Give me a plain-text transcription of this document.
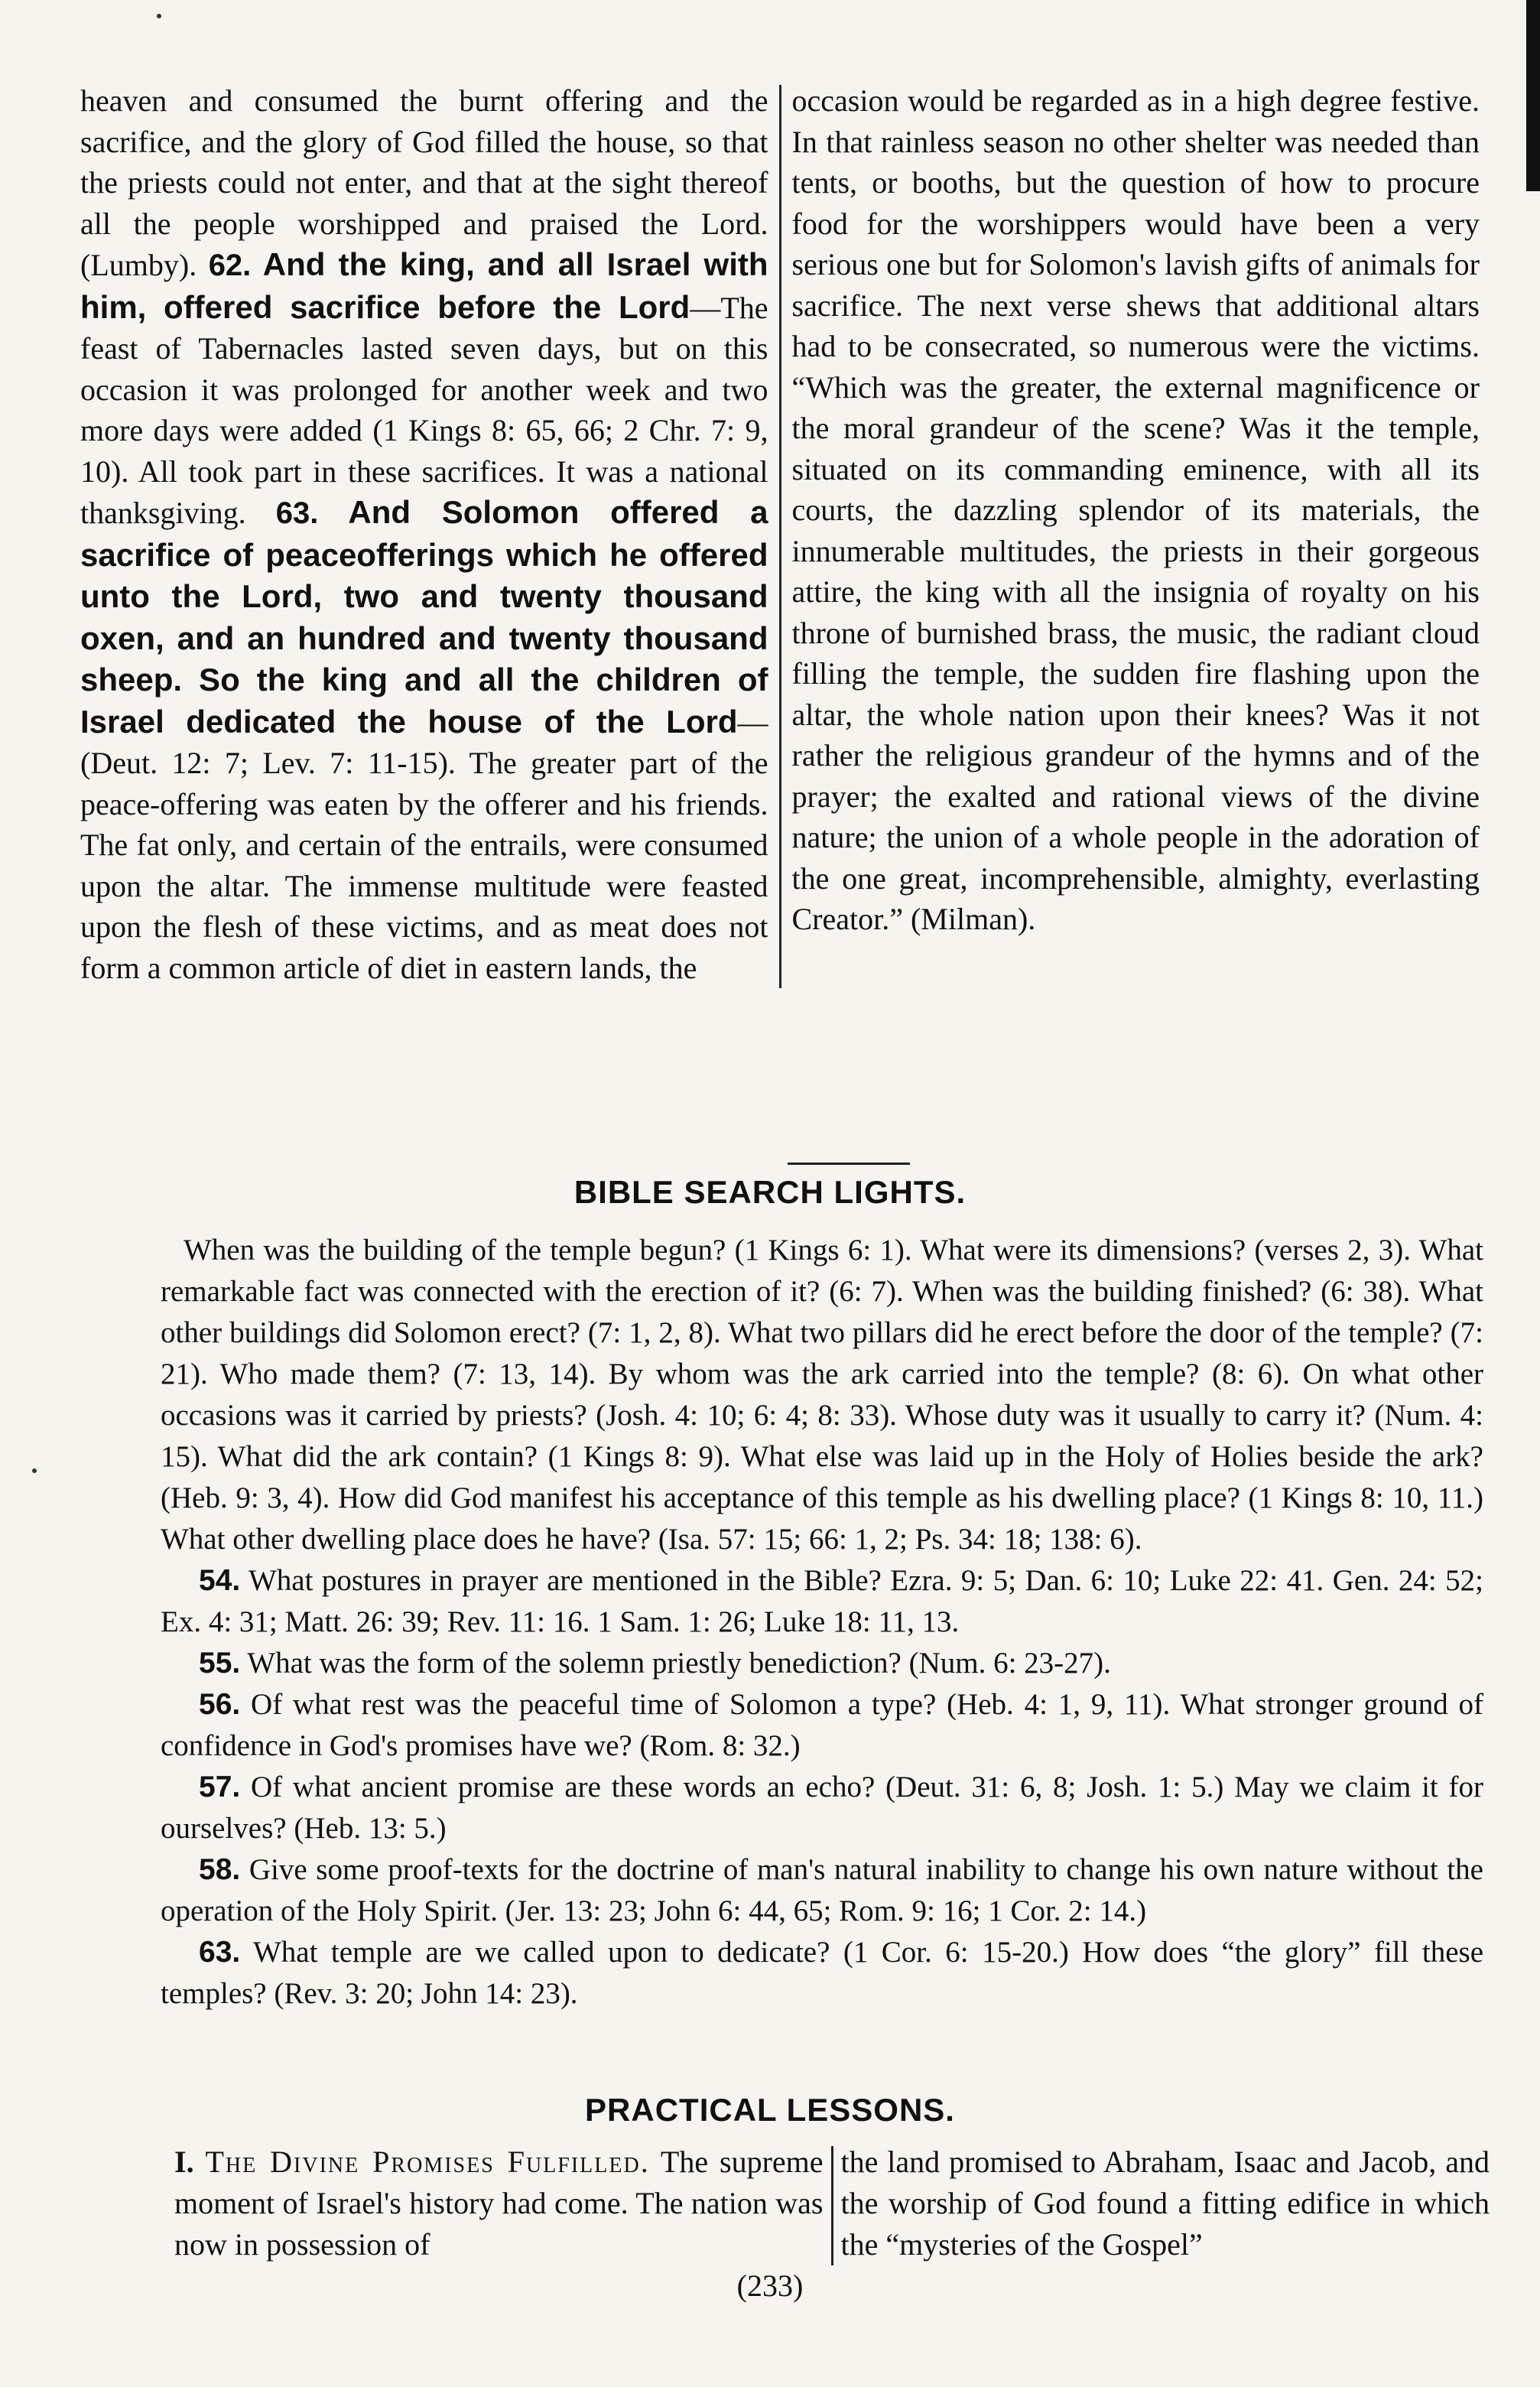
heaven and consumed the burnt offering and the sacrifice, and the glory of God filled the house, so that the priests could not enter, and that at the sight thereof all the people worshipped and praised the Lord. (Lumby). 62. And the king, and all Israel with him, offered sacrifice before the Lord—The feast of Tabernacles lasted seven days, but on this occasion it was prolonged for another week and two more days were added (1 Kings 8: 65, 66; 2 Chr. 7: 9, 10). All took part in these sacrifices. It was a national thanksgiving. 63. And Solomon offered a sacrifice of peaceofferings which he offered unto the Lord, two and twenty thousand oxen, and an hundred and twenty thousand sheep. So the king and all the children of Israel dedicated the house of the Lord—(Deut. 12: 7; Lev. 7: 11-15). The greater part of the peace-offering was eaten by the offerer and his friends. The fat only, and certain of the entrails, were consumed upon the altar. The immense multitude were feasted upon the flesh of these victims, and as meat does not form a common article of diet in eastern lands, the

occasion would be regarded as in a high degree festive. In that rainless season no other shelter was needed than tents, or booths, but the question of how to procure food for the worshippers would have been a very serious one but for Solomon's lavish gifts of animals for sacrifice. The next verse shews that additional altars had to be consecrated, so numerous were the victims. “Which was the greater, the external magnificence or the moral grandeur of the scene? Was it the temple, situated on its commanding eminence, with all its courts, the dazzling splendor of its materials, the innumerable multitudes, the priests in their gorgeous attire, the king with all the insignia of royalty on his throne of burnished brass, the music, the radiant cloud filling the temple, the sudden fire flashing upon the altar, the whole nation upon their knees? Was it not rather the religious grandeur of the hymns and of the prayer; the exalted and rational views of the divine nature; the union of a whole people in the adoration of the one great, incomprehensible, almighty, everlasting Creator.” (Milman).

BIBLE SEARCH LIGHTS.

When was the building of the temple begun? (1 Kings 6: 1). What were its dimensions? (verses 2, 3). What remarkable fact was connected with the erection of it? (6: 7). When was the building finished? (6: 38). What other buildings did Solomon erect? (7: 1, 2, 8). What two pillars did he erect before the door of the temple? (7: 21). Who made them? (7: 13, 14). By whom was the ark carried into the temple? (8: 6). On what other occasions was it carried by priests? (Josh. 4: 10; 6: 4; 8: 33). Whose duty was it usually to carry it? (Num. 4: 15). What did the ark contain? (1 Kings 8: 9). What else was laid up in the Holy of Holies beside the ark? (Heb. 9: 3, 4). How did God manifest his acceptance of this temple as his dwelling place? (1 Kings 8: 10, 11.) What other dwelling place does he have? (Isa. 57: 15; 66: 1, 2; Ps. 34: 18; 138: 6).

54. What postures in prayer are mentioned in the Bible? Ezra. 9: 5; Dan. 6: 10; Luke 22: 41. Gen. 24: 52; Ex. 4: 31; Matt. 26: 39; Rev. 11: 16. 1 Sam. 1: 26; Luke 18: 11, 13.

55. What was the form of the solemn priestly benediction? (Num. 6: 23-27).

56. Of what rest was the peaceful time of Solomon a type? (Heb. 4: 1, 9, 11). What stronger ground of confidence in God's promises have we? (Rom. 8: 32.)

57. Of what ancient promise are these words an echo? (Deut. 31: 6, 8; Josh. 1: 5.) May we claim it for ourselves? (Heb. 13: 5.)

58. Give some proof-texts for the doctrine of man's natural inability to change his own nature without the operation of the Holy Spirit. (Jer. 13: 23; John 6: 44, 65; Rom. 9: 16; 1 Cor. 2: 14.)

63. What temple are we called upon to dedicate? (1 Cor. 6: 15-20.) How does “the glory” fill these temples? (Rev. 3: 20; John 14: 23).

PRACTICAL LESSONS.

I. The Divine Promises Fulfilled. The supreme moment of Israel's history had come. The nation was now in possession of

the land promised to Abraham, Isaac and Jacob, and the worship of God found a fitting edifice in which the “mysteries of the Gospel”

(233)
